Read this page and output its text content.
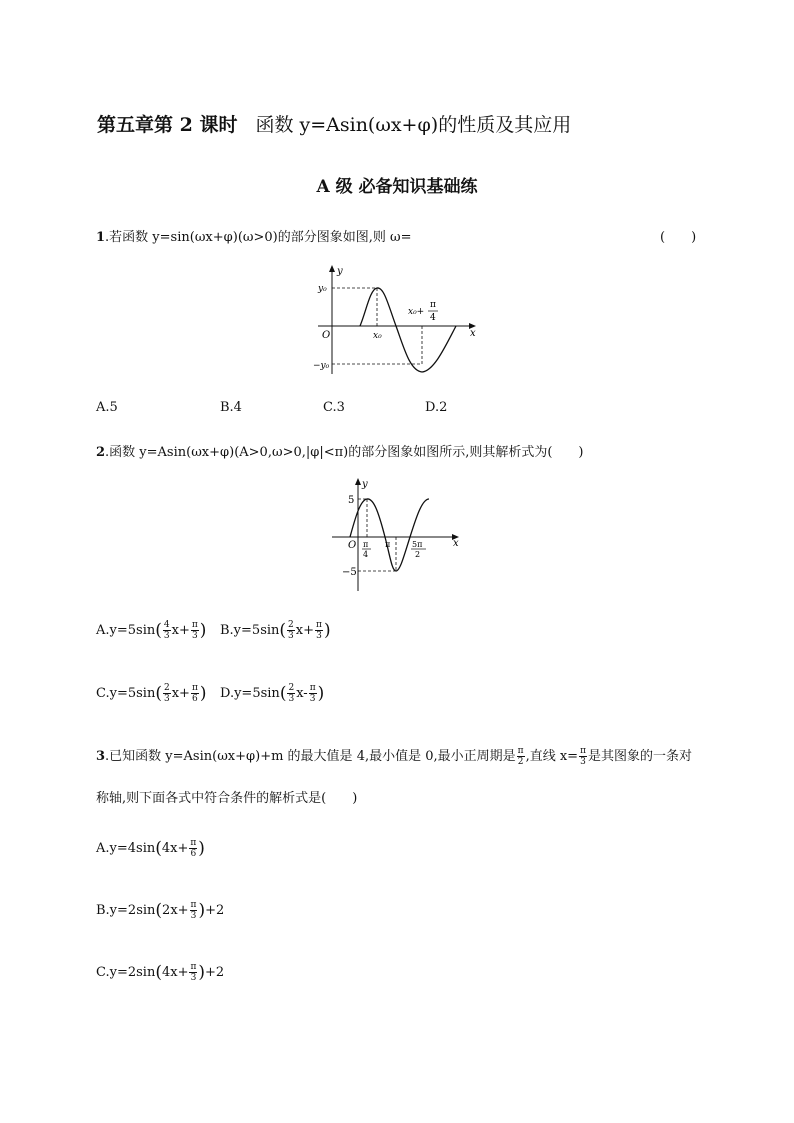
第五章第 2 课时 函数 y=Asin(ωx+φ)的性质及其应用
A 级 必备知识基础练
1.若函数 y=sin(ωx+φ)(ω>0)的部分图象如图,则 ω=	(　　)
y
x
O
y₀
−y₀
x₀
x₀+
π
4
A.5	B.4	C.3	D.2
2.函数 y=Asin(ωx+φ)(A>0,ω>0,|φ|<π)的部分图象如图所示,则其解析式为(　　)
y
x
O
5
−5
π
4
π	5π
2
$A.y=5\sin( \frac{4}{3} x+ \frac{\pi}{3}$ ) $B.y=5\sin( \frac{2}{3} x+ \frac{\pi}{3}$ )
$C.y=5\sin( \frac{2}{3} x+ \frac{\pi}{6}$ ) $D.y=5\sin( \frac{2}{3} x- \frac{\pi}{3}$ )
3.已知函数 y=Asin(ωx+φ)+m 的最大值是 4,最小值是 0,最小正周期是 $\frac{\pi}{2}$ ,直线 $x= \frac{\pi}{3}$ 是其图象的一条对
称轴,则下面各式中符合条件的解析式是(　　)
$A.y=4\sin(4x+ \frac{\pi}{6}$ )
$B.y=2\sin(2x+ \frac{\pi}{3} )+2$
$C.y=2\sin(4x+ \frac{\pi}{3} )+2$
